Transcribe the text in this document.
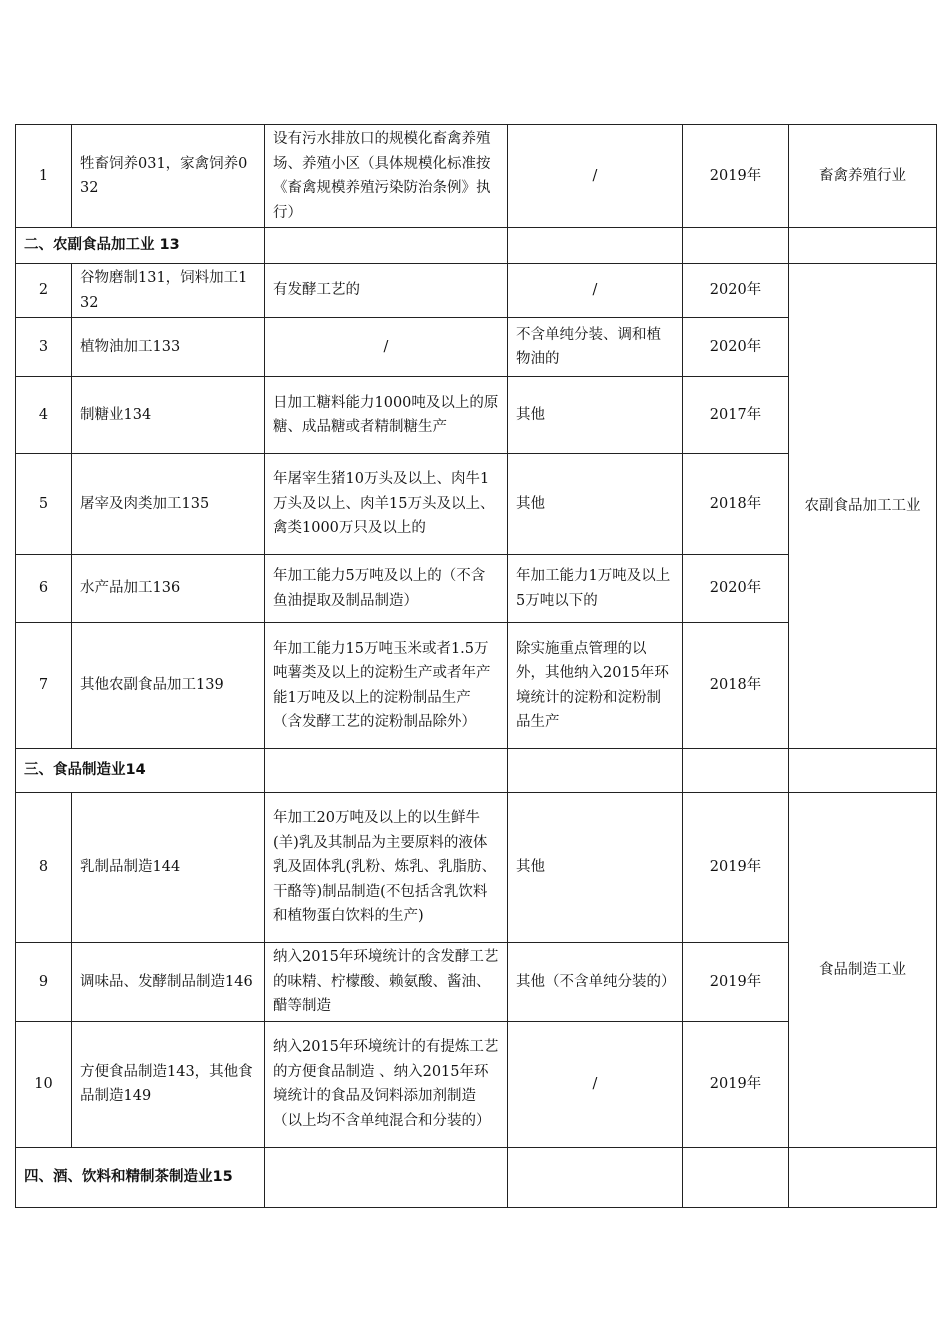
1	牲畜饲养031，家禽饲养032	设有污水排放口的规模化畜禽养殖场、养殖小区（具体规模化标准按《畜禽规模养殖污染防治条例》执行）	/	2019年	畜禽养殖行业
二、农副食品加工业 13					
2	谷物磨制131，饲料加工132	有发酵工艺的	/	2020年	农副食品加工工业
3	植物油加工133	/	不含单纯分装、调和植物油的	2020年	
4	制糖业134	日加工糖料能力1000吨及以上的原糖、成品糖或者精制糖生产	其他	2017年	
5	屠宰及肉类加工135	年屠宰生猪10万头及以上、肉牛1万头及以上、肉羊15万头及以上、禽类1000万只及以上的	其他	2018年	
6	水产品加工136	年加工能力5万吨及以上的（不含鱼油提取及制品制造）	年加工能力1万吨及以上5万吨以下的	2020年	
7	其他农副食品加工139	年加工能力15万吨玉米或者1.5万吨薯类及以上的淀粉生产或者年产能1万吨及以上的淀粉制品生产（含发酵工艺的淀粉制品除外）	除实施重点管理的以外，其他纳入2015年环境统计的淀粉和淀粉制品生产	2018年	
三、食品制造业14					
8	乳制品制造144	年加工20万吨及以上的以生鲜牛(羊)乳及其制品为主要原料的液体乳及固体乳(乳粉、炼乳、乳脂肪、干酪等)制品制造(不包括含乳饮料和植物蛋白饮料的生产)	其他	2019年	食品制造工业
9	调味品、发酵制品制造146	纳入2015年环境统计的含发酵工艺的味精、柠檬酸、赖氨酸、酱油、醋等制造	其他（不含单纯分装的）	2019年	
10	方便食品制造143，其他食品制造149	纳入2015年环境统计的有提炼工艺的方便食品制造 、纳入2015年环境统计的食品及饲料添加剂制造（以上均不含单纯混合和分装的）	/	2019年	
四、酒、饮料和精制茶制造业15					
